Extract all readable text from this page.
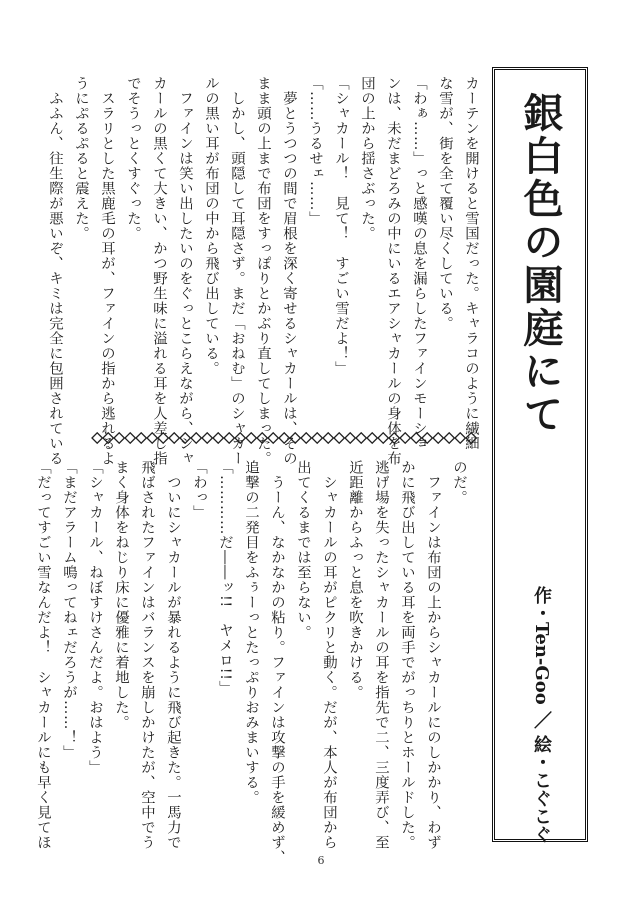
銀白色の園庭にて
作・Ten-Goo ／ 絵・こぐこぐ
カーテンを開けると雪国だった。キャラコのように繊細
な雪が、街を全て覆い尽くしている。
「わぁ……」っと感嘆の息を漏らしたファインモーショ
ンは、未だまどろみの中にいるエアシャカールの身体を布
団の上から揺さぶった。
「シャカール！　見て！　すごい雪だよ！」
「……うるせェ……」
　夢とうつつの間で眉根を深く寄せるシャカールは、その
まま頭の上まで布団をすっぽりとかぶり直してしまった。
　しかし、頭隠して耳隠さず。まだ「おねむ」のシャカー
ルの黒い耳が布団の中から飛び出している。
　ファインは笑い出したいのをぐっとこらえながら、シャ
カールの黒くて大きい、かつ野生味に溢れる耳を人差し指
でそうっとくすぐった。
　スラリとした黒鹿毛の耳が、ファインの指から逃れるよ
うにぷるぷると震えた。
　ふふん、往生際が悪いぞ、キミは完全に包囲されている
のだ。
　ファインは布団の上からシャカールにのしかかり、わず
かに飛び出している耳を両手でがっちりとホールドした。
逃げ場を失ったシャカールの耳を指先で二、三度弄び、至
近距離からふっと息を吹きかける。
　シャカールの耳がピクリと動く。だが、本人が布団から
出てくるまでは至らない。
　うーん、なかなかの粘り。ファインは攻撃の手を緩めず、
追撃の二発目をふぅーっとたっぷりおみまいする。
「…………だ――ッ!!　ヤメロ!!」
「わっ」
　ついにシャカールが暴れるように飛び起きた。一馬力で
飛ばされたファインはバランスを崩しかけたが、空中でう
まく身体をねじり床に優雅に着地した。
「シャカール、ねぼすけさんだよ。おはよう」
「まだアラーム鳴ってねェだろうが……！」
「だってすごい雪なんだよ！　シャカールにも早く見てほ
6
